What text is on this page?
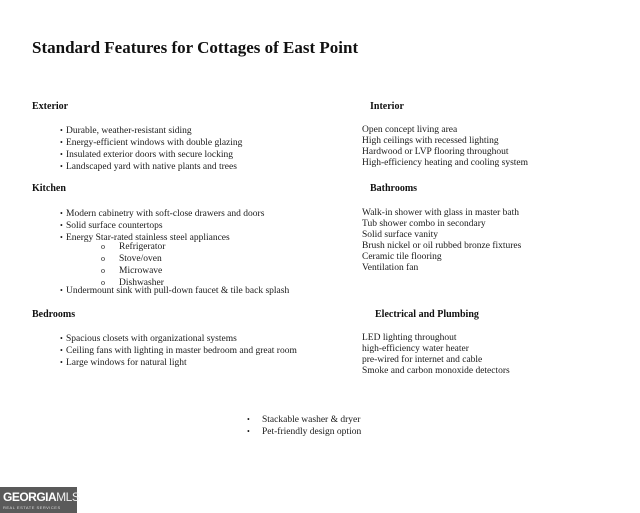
Standard Features for Cottages of East Point
Exterior
• Durable, weather-resistant siding
• Energy-efficient windows with double glazing
• Insulated exterior doors with secure locking
• Landscaped yard with native plants and trees
Interior
Open concept living area
High ceilings with recessed lighting
Hardwood or LVP flooring throughout
High-efficiency heating and cooling system
Kitchen
• Modern cabinetry with soft-close drawers and doors
• Solid surface countertops
• Energy Star-rated stainless steel appliances
o Refrigerator
o Stove/oven
o Microwave
o Dishwasher
• Undermount sink with pull-down faucet & tile back splash
Bathrooms
Walk-in shower with glass in master bath
Tub shower combo in secondary
Solid surface vanity
Brush nickel or oil rubbed bronze fixtures
Ceramic tile flooring
Ventilation fan
Bedrooms
• Spacious closets with organizational systems
• Ceiling fans with lighting in master bedroom and great room
• Large windows for natural light
Electrical and Plumbing
LED lighting throughout
high-efficiency water heater
pre-wired for internet and cable
Smoke and carbon monoxide detectors
• Stackable washer & dryer
• Pet-friendly design option
GEORGIAMLS
REAL ESTATE SERVICES
